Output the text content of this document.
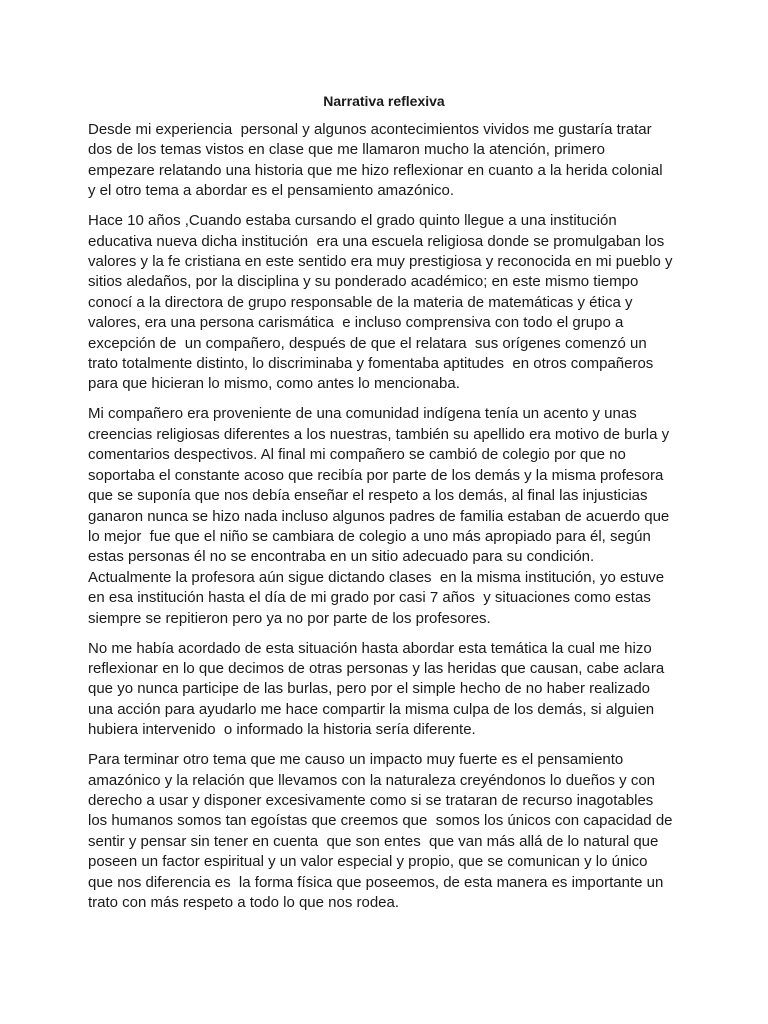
Narrativa reflexiva

Desde mi experiencia  personal y algunos acontecimientos vividos me gustaría tratar
dos de los temas vistos en clase que me llamaron mucho la atención, primero
empezare relatando una historia que me hizo reflexionar en cuanto a la herida colonial
y el otro tema a abordar es el pensamiento amazónico.

Hace 10 años ,Cuando estaba cursando el grado quinto llegue a una institución
educativa nueva dicha institución  era una escuela religiosa donde se promulgaban los
valores y la fe cristiana en este sentido era muy prestigiosa y reconocida en mi pueblo y
sitios aledaños, por la disciplina y su ponderado académico; en este mismo tiempo
conocí a la directora de grupo responsable de la materia de matemáticas y ética y
valores, era una persona carismática  e incluso comprensiva con todo el grupo a
excepción de  un compañero, después de que el relatara  sus orígenes comenzó un
trato totalmente distinto, lo discriminaba y fomentaba aptitudes  en otros compañeros
para que hicieran lo mismo, como antes lo mencionaba.

Mi compañero era proveniente de una comunidad indígena tenía un acento y unas
creencias religiosas diferentes a los nuestras, también su apellido era motivo de burla y
comentarios despectivos. Al final mi compañero se cambió de colegio por que no
soportaba el constante acoso que recibía por parte de los demás y la misma profesora
que se suponía que nos debía enseñar el respeto a los demás, al final las injusticias
ganaron nunca se hizo nada incluso algunos padres de familia estaban de acuerdo que
lo mejor  fue que el niño se cambiara de colegio a uno más apropiado para él, según
estas personas él no se encontraba en un sitio adecuado para su condición.
Actualmente la profesora aún sigue dictando clases  en la misma institución, yo estuve
en esa institución hasta el día de mi grado por casi 7 años  y situaciones como estas
siempre se repitieron pero ya no por parte de los profesores.

No me había acordado de esta situación hasta abordar esta temática la cual me hizo
reflexionar en lo que decimos de otras personas y las heridas que causan, cabe aclara
que yo nunca participe de las burlas, pero por el simple hecho de no haber realizado
una acción para ayudarlo me hace compartir la misma culpa de los demás, si alguien
hubiera intervenido  o informado la historia sería diferente.

Para terminar otro tema que me causo un impacto muy fuerte es el pensamiento
amazónico y la relación que llevamos con la naturaleza creyéndonos lo dueños y con
derecho a usar y disponer excesivamente como si se trataran de recurso inagotables
los humanos somos tan egoístas que creemos que  somos los únicos con capacidad de
sentir y pensar sin tener en cuenta  que son entes  que van más allá de lo natural que
poseen un factor espiritual y un valor especial y propio, que se comunican y lo único
que nos diferencia es  la forma física que poseemos, de esta manera es importante un
trato con más respeto a todo lo que nos rodea.
